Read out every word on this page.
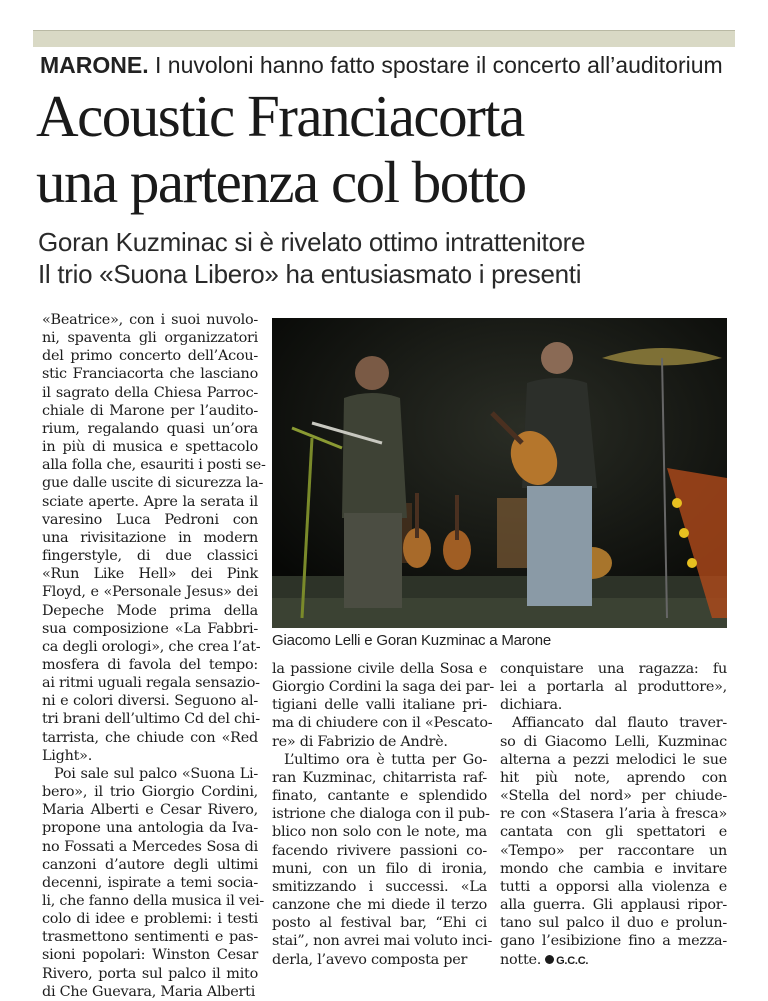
MARONE. I nuvoloni hanno fatto spostare il concerto all’auditorium
Acoustic Franciacorta
una partenza col botto
Goran Kuzminac si è rivelato ottimo intrattenitore
Il trio «Suona Libero» ha entusiasmato i presenti
«Beatrice», con i suoi nuvolo-
ni, spaventa gli organizzatori
del primo concerto dell’Acou-
stic Franciacorta che lasciano
il sagrato della Chiesa Parroc-
chiale di Marone per l’audito-
rium, regalando quasi un’ora
in più di musica e spettacolo
alla folla che, esauriti i posti se-
gue dalle uscite di sicurezza la-
sciate aperte. Apre la serata il
varesino Luca Pedroni con
una rivisitazione in modern
fingerstyle, di due classici
«Run Like Hell» dei Pink
Floyd, e «Personale Jesus» dei
Depeche Mode prima della
sua composizione «La Fabbri-
ca degli orologi», che crea l’at-
mosfera di favola del tempo:
ai ritmi uguali regala sensazio-
ni e colori diversi. Seguono al-
tri brani dell’ultimo Cd del chi-
tarrista, che chiude con «Red
Light».
Poi sale sul palco «Suona Li-
bero», il trio Giorgio Cordini,
Maria Alberti e Cesar Rivero,
propone una antologia da Iva-
no Fossati a Mercedes Sosa di
canzoni d’autore degli ultimi
decenni, ispirate a temi socia-
li, che fanno della musica il vei-
colo di idee e problemi: i testi
trasmettono sentimenti e pas-
sioni popolari: Winston Cesar
Rivero, porta sul palco il mito
di Che Guevara, Maria Alberti
Giacomo Lelli e Goran Kuzminac a Marone
la passione civile della Sosa e
Giorgio Cordini la saga dei par-
tigiani delle valli italiane pri-
ma di chiudere con il «Pescato-
re» di Fabrizio de Andrè.
L’ultimo ora è tutta per Go-
ran Kuzminac, chitarrista raf-
finato, cantante e splendido
istrione che dialoga con il pub-
blico non solo con le note, ma
facendo rivivere passioni co-
muni, con un filo di ironia,
smitizzando i successi. «La
canzone che mi diede il terzo
posto al festival bar, “Ehi ci
stai”, non avrei mai voluto inci-
derla, l’avevo composta per
conquistare una ragazza: fu
lei a portarla al produttore»,
dichiara.
Affiancato dal flauto traver-
so di Giacomo Lelli, Kuzminac
alterna a pezzi melodici le sue
hit più note, aprendo con
«Stella del nord» per chiude-
re con «Stasera l’aria à fresca»
cantata con gli spettatori e
«Tempo» per raccontare un
mondo che cambia e invitare
tutti a opporsi alla violenza e
alla guerra. Gli applausi ripor-
tano sul palco il duo e prolun-
gano l’esibizione fino a mezza-
notte. G.C.C.
